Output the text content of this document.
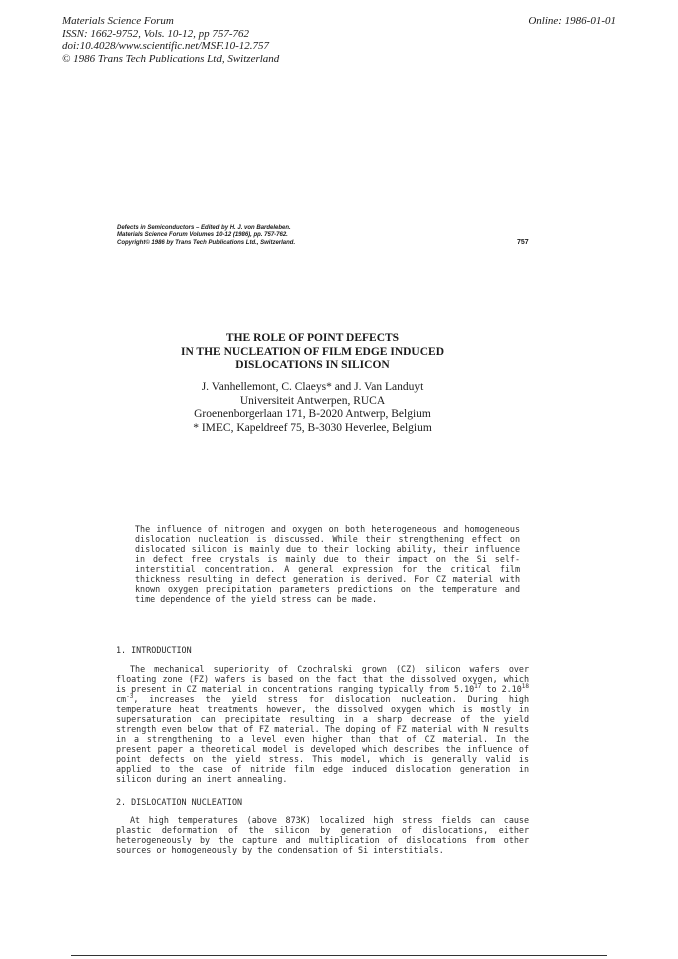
Materials Science Forum
ISSN: 1662-9752, Vols. 10-12, pp 757-762
doi:10.4028/www.scientific.net/MSF.10-12.757
© 1986 Trans Tech Publications Ltd, Switzerland
Online: 1986-01-01
Defects in Semiconductors – Edited by H. J. von Bardeleben.
Materials Science Forum Volumes 10-12 (1986), pp. 757-762.
Copyright© 1986 by Trans Tech Publications Ltd., Switzerland.	757
THE ROLE OF POINT DEFECTS
IN THE NUCLEATION OF FILM EDGE INDUCED
DISLOCATIONS IN SILICON
J. Vanhellemont, C. Claeys* and J. Van Landuyt
Universiteit Antwerpen, RUCA
Groenenborgerlaan 171, B-2020 Antwerp, Belgium
* IMEC, Kapeldreef 75, B-3030 Heverlee, Belgium
The influence of nitrogen and oxygen on both heterogeneous and homogeneous dislocation nucleation is discussed. While their strengthening effect on dislocated silicon is mainly due to their locking ability, their influence in defect free crystals is mainly due to their impact on the Si self-interstitial concentration. A general expression for the critical film thickness resulting in defect generation is derived. For CZ material with known oxygen precipitation parameters predictions on the temperature and time dependence of the yield stress can be made.
1. INTRODUCTION
The mechanical superiority of Czochralski grown (CZ) silicon wafers over floating zone (FZ) wafers is based on the fact that the dissolved oxygen, which is present in CZ material in concentrations ranging typically from 5.10$^{17}$ to 2.10$^{18}$ $cm^{-3}$, increases the yield stress for dislocation nucleation. During high temperature heat treatments however, the dissolved oxygen which is mostly in supersaturation can precipitate resulting in a sharp decrease of the yield strength even below that of FZ material. The doping of FZ material with N results in a strengthening to a level even higher than that of CZ material. In the present paper a theoretical model is developed which describes the influence of point defects on the yield stress. This model, which is generally valid is applied to the case of nitride film edge induced dislocation generation in silicon during an inert annealing.
2. DISLOCATION NUCLEATION
At high temperatures (above 873K) localized high stress fields can cause plastic deformation of the silicon by generation of dislocations, either heterogeneously by the capture and multiplication of dislocations from other sources or homogeneously by the condensation of Si interstitials.
